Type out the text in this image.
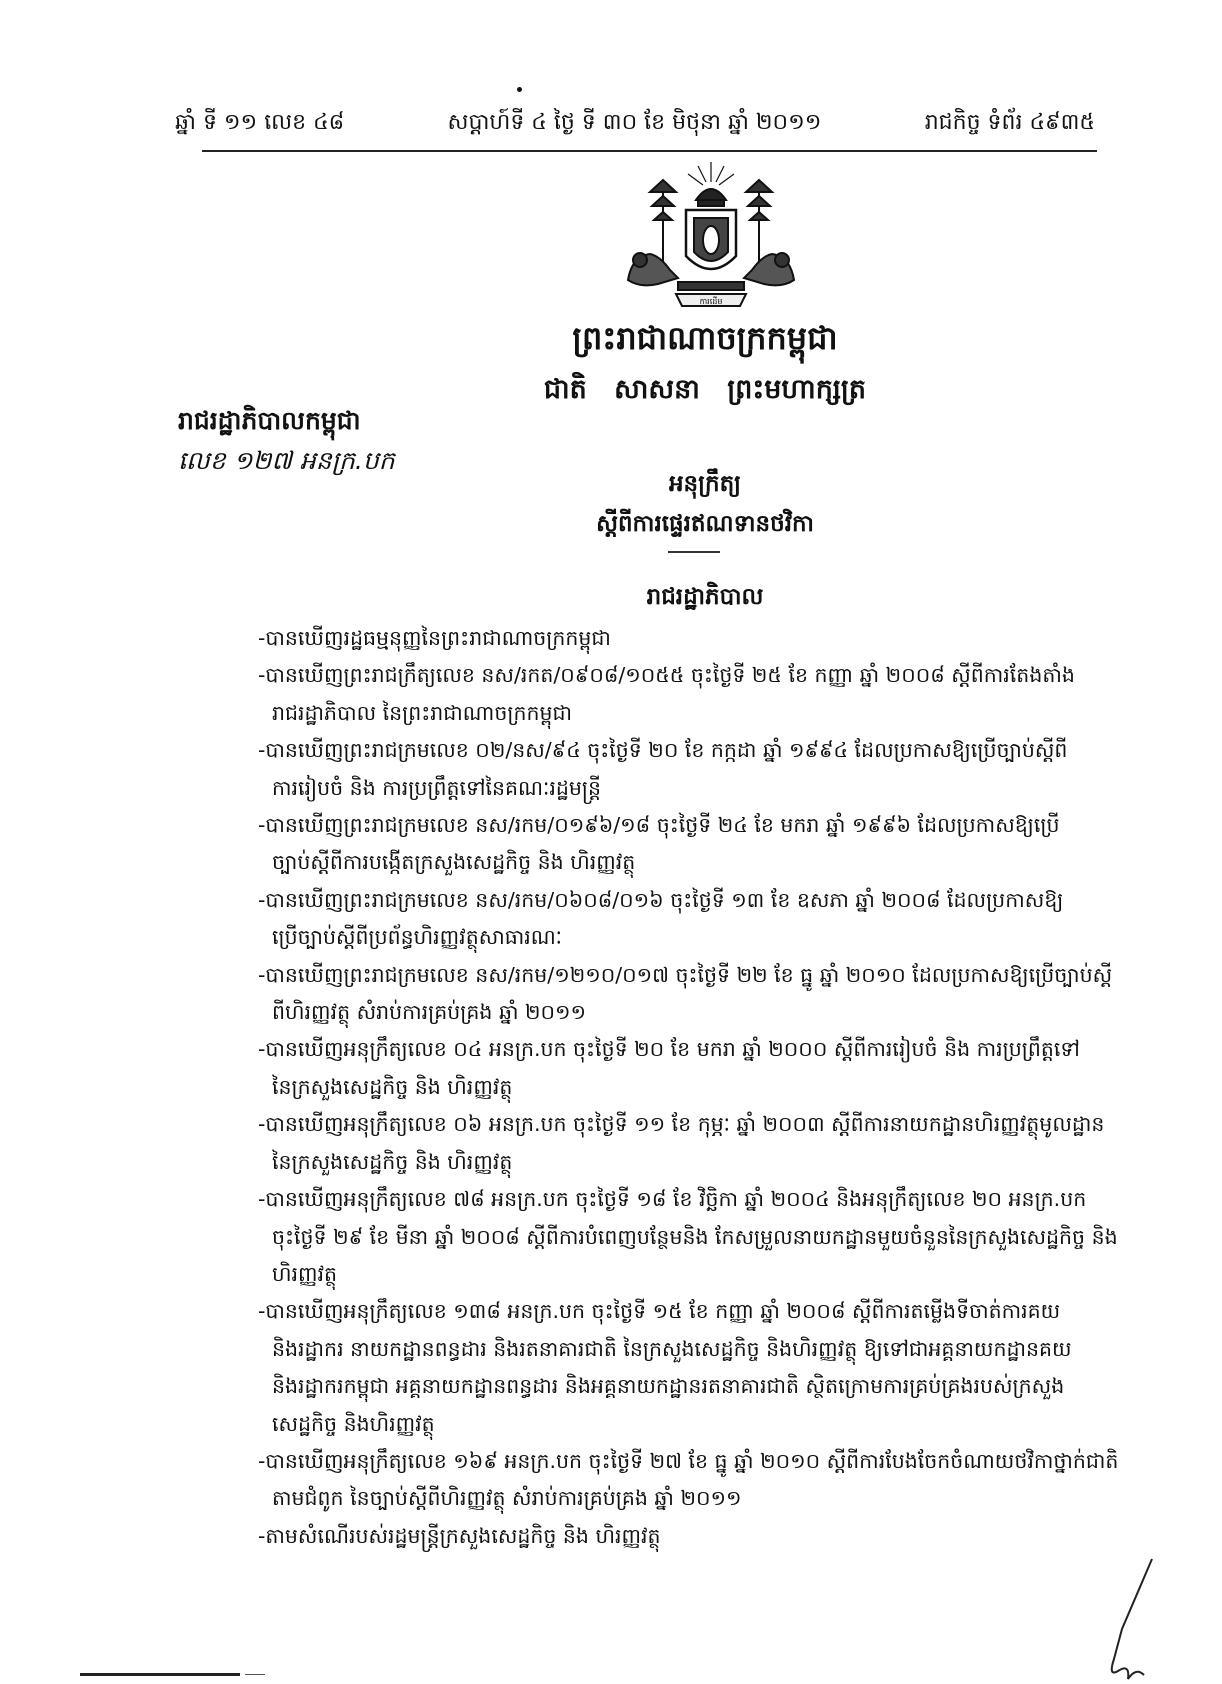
ឆ្នាំ ទី ១១ លេខ ៤៨	សប្តាហ៍ទី ៤ ថ្ងៃ ទី ៣០ ខែ មិថុនា ឆ្នាំ ២០១១	រាជកិច្ច ទំព័រ ៤៩៣៥
ការដើម
ព្រះរាជាណាចក្រកម្ពុជា
ជាតិ សាសនា ព្រះមហាក្សត្រ
រាជរដ្ឋាភិបាលកម្ពុជា
លេខ ១២៧ អនក្រ.បក
អនុក្រឹត្យ
ស្តីពីការផ្ទេរឥណទានថវិកា
រាជរដ្ឋាភិបាល
-បានឃើញរដ្ឋធម្មនុញ្ញនៃព្រះរាជាណាចក្រកម្ពុជា
-បានឃើញព្រះរាជក្រឹត្យលេខ នស/រកត/០៩០៨/១០៥៥ ចុះថ្ងៃទី ២៥ ខែ កញ្ញា ឆ្នាំ ២០០៨ ស្តីពីការតែងតាំង
រាជរដ្ឋាភិបាល នៃព្រះរាជាណាចក្រកម្ពុជា
-បានឃើញព្រះរាជក្រមលេខ ០២/នស/៩៤ ចុះថ្ងៃទី ២០ ខែ កក្កដា ឆ្នាំ ១៩៩៤ ដែលប្រកាសឱ្យប្រើច្បាប់ស្តីពី
ការរៀបចំ និង ការប្រព្រឹត្តទៅនៃគណៈរដ្ឋមន្ត្រី
-បានឃើញព្រះរាជក្រមលេខ នស/រកម/០១៩៦/១៨ ចុះថ្ងៃទី ២៤ ខែ មករា ឆ្នាំ ១៩៩៦ ដែលប្រកាសឱ្យប្រើ
ច្បាប់ស្តីពីការបង្កើតក្រសួងសេដ្ឋកិច្ច និង ហិរញ្ញវត្ថុ
-បានឃើញព្រះរាជក្រមលេខ នស/រកម/០៦០៨/០១៦ ចុះថ្ងៃទី ១៣ ខែ ឧសភា ឆ្នាំ ២០០៨ ដែលប្រកាសឱ្យ
ប្រើច្បាប់ស្តីពីប្រព័ន្ធហិរញ្ញវត្ថុសាធារណៈ
-បានឃើញព្រះរាជក្រមលេខ នស/រកម/១២១០/០១៧ ចុះថ្ងៃទី ២២ ខែ ធ្នូ ឆ្នាំ ២០១០ ដែលប្រកាសឱ្យប្រើច្បាប់ស្តី
ពីហិរញ្ញវត្ថុ សំរាប់ការគ្រប់គ្រង ឆ្នាំ ២០១១
-បានឃើញអនុក្រឹត្យលេខ ០៤ អនក្រ.បក ចុះថ្ងៃទី ២០ ខែ មករា ឆ្នាំ ២០០០ ស្តីពីការរៀបចំ និង ការប្រព្រឹត្តទៅ
នៃក្រសួងសេដ្ឋកិច្ច និង ហិរញ្ញវត្ថុ
-បានឃើញអនុក្រឹត្យលេខ ០៦ អនក្រ.បក ចុះថ្ងៃទី ១១ ខែ កុម្ភៈ ឆ្នាំ ២០០៣ ស្តីពីការនាយកដ្ឋានហិរញ្ញវត្ថុមូលដ្ឋាន
នៃក្រសួងសេដ្ឋកិច្ច និង ហិរញ្ញវត្ថុ
-បានឃើញអនុក្រឹត្យលេខ ៧៨ អនក្រ.បក ចុះថ្ងៃទី ១៨ ខែ វិច្ឆិកា ឆ្នាំ ២០០៤ និងអនុក្រឹត្យលេខ ២០ អនក្រ.បក
ចុះថ្ងៃទី ២៩ ខែ មីនា ឆ្នាំ ២០០៨ ស្តីពីការបំពេញបន្ថែមនិង កែសម្រួលនាយកដ្ឋានមួយចំនួននៃក្រសួងសេដ្ឋកិច្ច និង
ហិរញ្ញវត្ថុ
-បានឃើញអនុក្រឹត្យលេខ ១៣៨ អនក្រ.បក ចុះថ្ងៃទី ១៥ ខែ កញ្ញា ឆ្នាំ ២០០៨ ស្តីពីការតម្លើងទីចាត់ការគយ
និងរដ្ឋាករ នាយកដ្ឋានពន្ធដារ និងរតនាគារជាតិ នៃក្រសួងសេដ្ឋកិច្ច និងហិរញ្ញវត្ថុ ឱ្យទៅជាអគ្គនាយកដ្ឋានគយ
និងរដ្ឋាករកម្ពុជា អគ្គនាយកដ្ឋានពន្ធដារ និងអគ្គនាយកដ្ឋានរតនាគារជាតិ ស្ថិតក្រោមការគ្រប់គ្រងរបស់ក្រសួង
សេដ្ឋកិច្ច និងហិរញ្ញវត្ថុ
-បានឃើញអនុក្រឹត្យលេខ ១៦៩ អនក្រ.បក ចុះថ្ងៃទី ២៧ ខែ ធ្នូ ឆ្នាំ ២០១០ ស្តីពីការបែងចែកចំណាយថវិកាថ្នាក់ជាតិ
តាមជំពូក នៃច្បាប់ស្តីពីហិរញ្ញវត្ថុ សំរាប់ការគ្រប់គ្រង ឆ្នាំ ២០១១
-តាមសំណើរបស់រដ្ឋមន្ត្រីក្រសួងសេដ្ឋកិច្ច និង ហិរញ្ញវត្ថុ
